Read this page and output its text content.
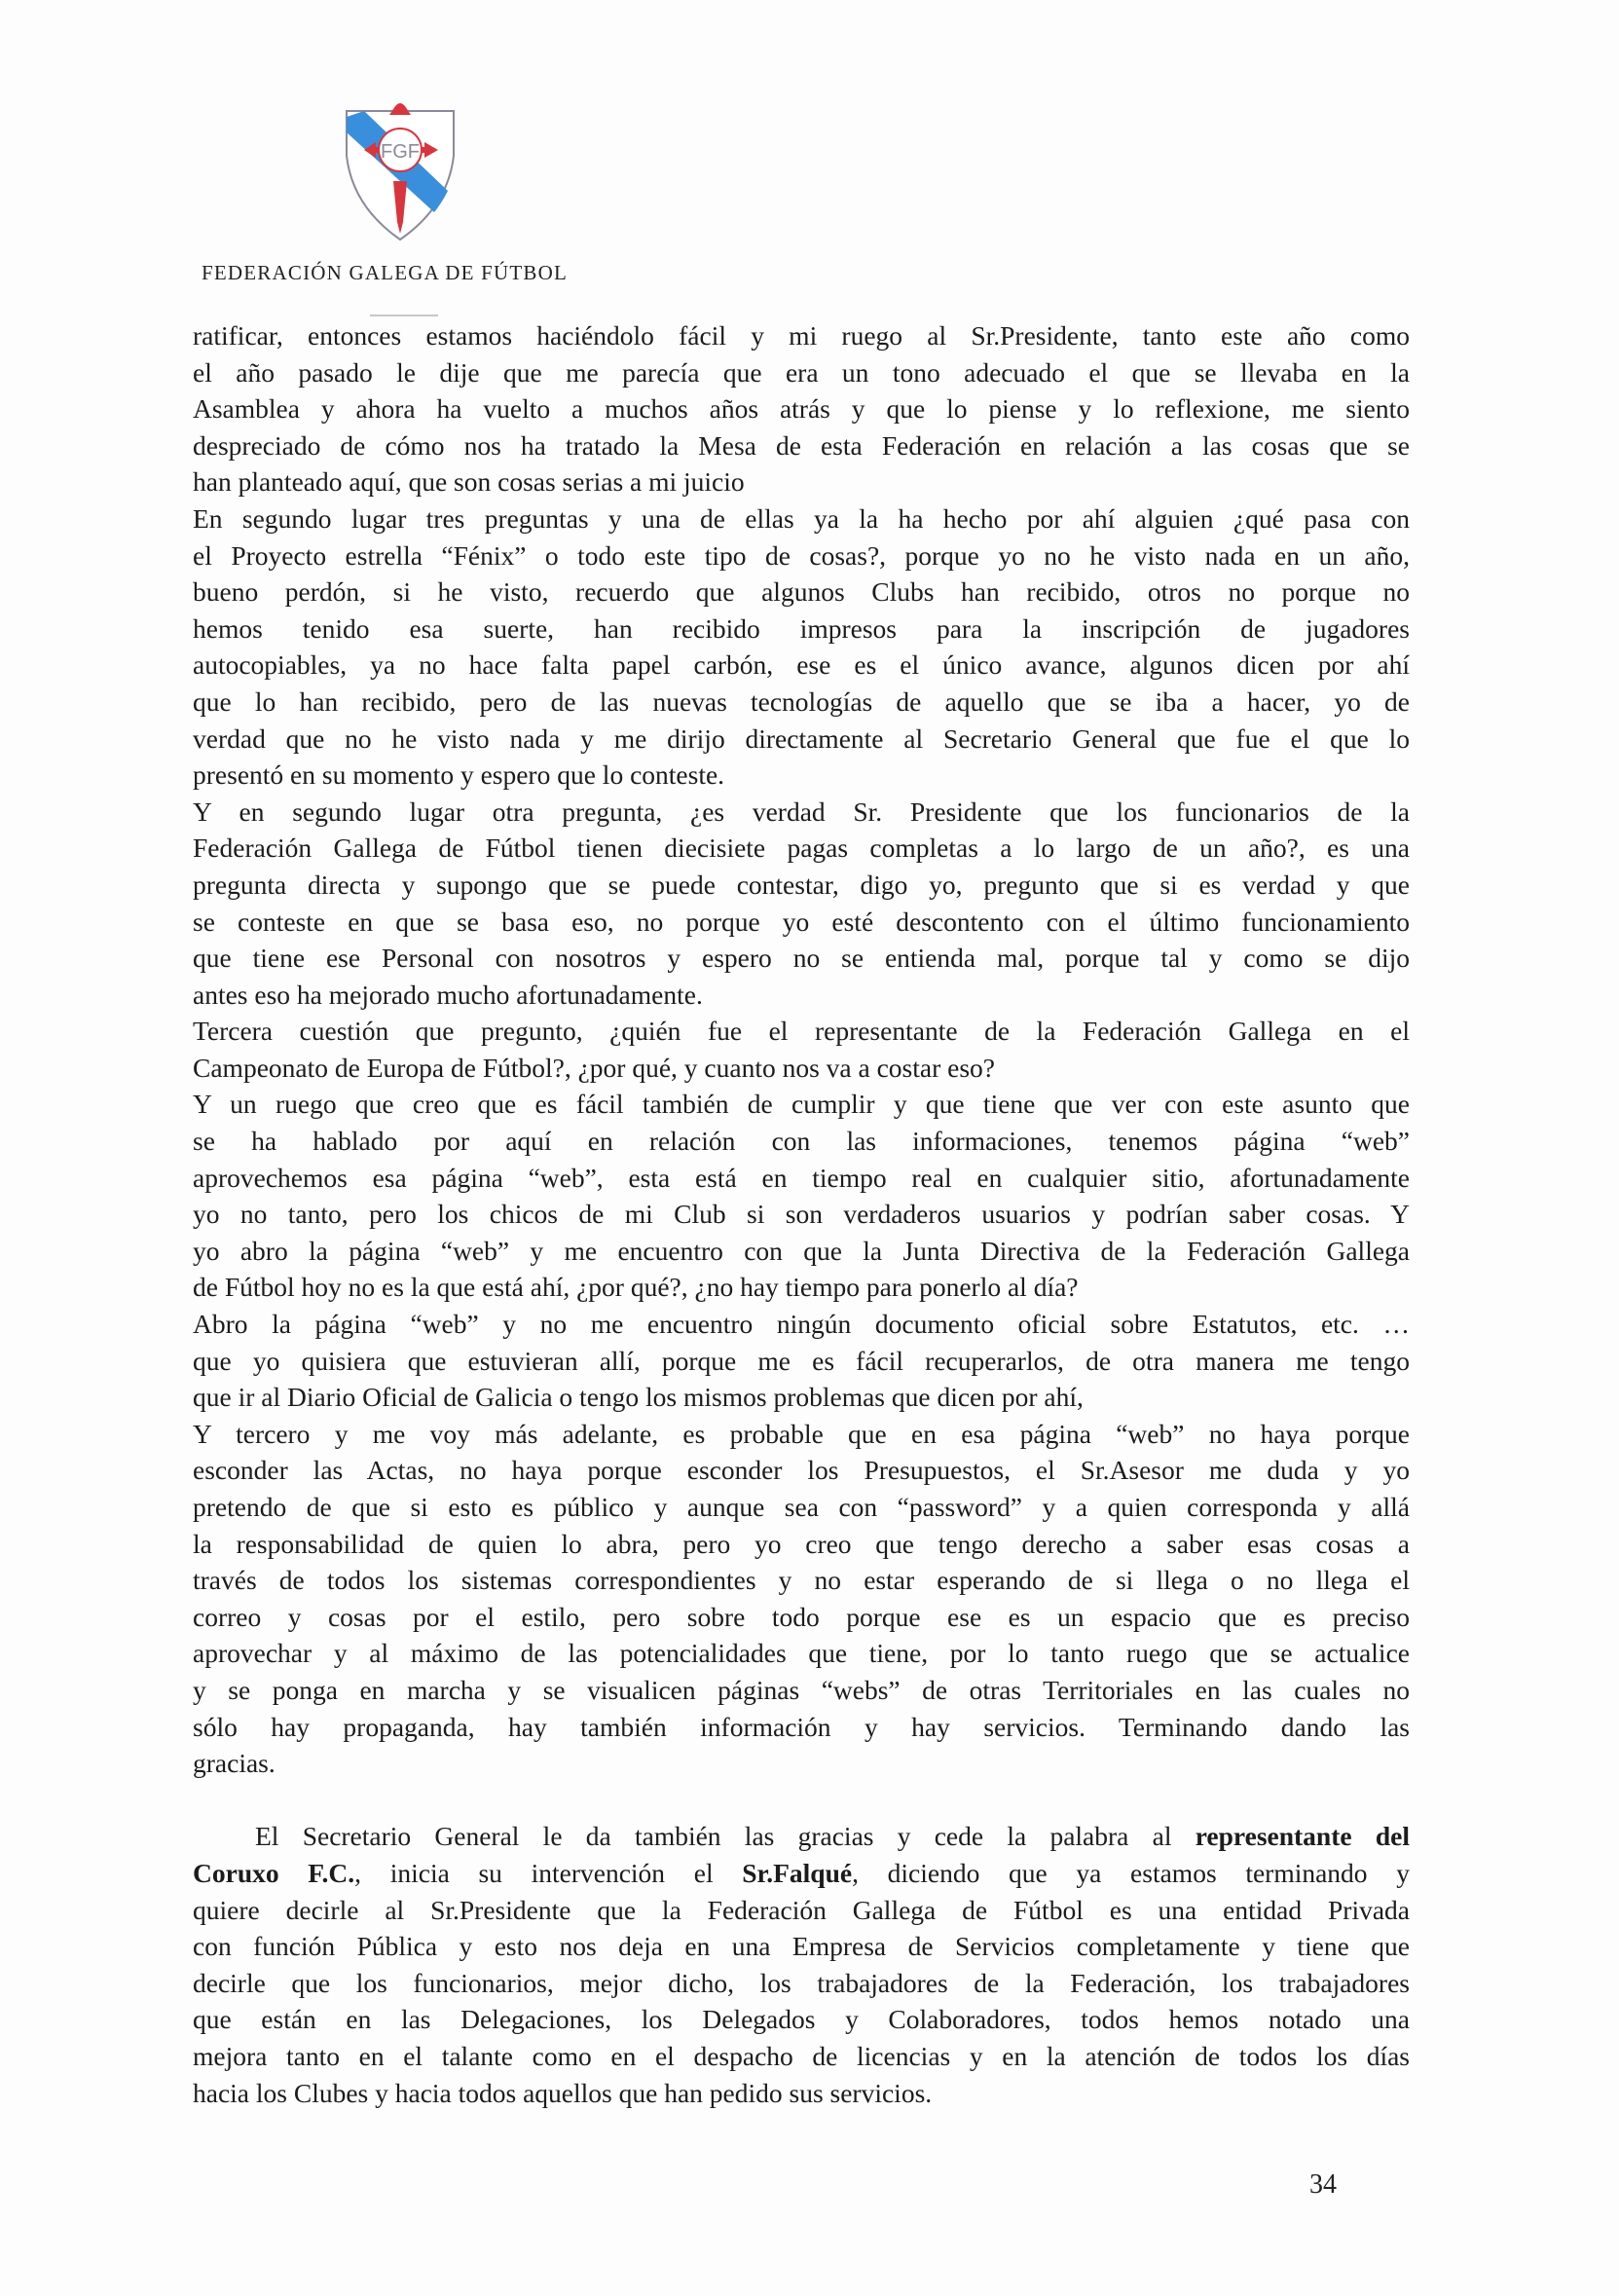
FGF
FEDERACIÓN GALEGA DE FÚTBOL
ratificar, entonces estamos haciéndolo fácil y mi ruego al Sr.Presidente, tanto este año como
el año pasado le dije que me parecía que era un tono adecuado el que se llevaba en la
Asamblea y ahora ha vuelto a muchos años atrás y que lo piense y lo reflexione, me siento
despreciado de cómo nos ha tratado la Mesa de esta Federación en relación a las cosas que se
han planteado aquí, que son cosas serias a mi juicio
En segundo lugar tres preguntas y una de ellas ya la ha hecho por ahí alguien ¿qué pasa con
el Proyecto estrella “Fénix” o todo este tipo de cosas?, porque yo no he visto nada en un año,
bueno perdón, si he visto, recuerdo que algunos Clubs han recibido, otros no porque no
hemos tenido esa suerte, han recibido impresos para la inscripción de jugadores
autocopiables, ya no hace falta papel carbón, ese es el único avance, algunos dicen por ahí
que lo han recibido, pero de las nuevas tecnologías de aquello que se iba a hacer, yo de
verdad que no he visto nada y me dirijo directamente al Secretario General que fue el que lo
presentó en su momento y espero que lo conteste.
Y en segundo lugar otra pregunta, ¿es verdad Sr. Presidente que los funcionarios de la
Federación Gallega de Fútbol tienen diecisiete pagas completas a lo largo de un año?, es una
pregunta directa y supongo que se puede contestar, digo yo, pregunto que si es verdad y que
se conteste en que se basa eso, no porque yo esté descontento con el último funcionamiento
que tiene ese Personal con nosotros y espero no se entienda mal, porque tal y como se dijo
antes eso ha mejorado mucho afortunadamente.
Tercera cuestión que pregunto, ¿quién fue el representante de la Federación Gallega en el
Campeonato de Europa de Fútbol?, ¿por qué, y cuanto nos va a costar eso?
Y un ruego que creo que es fácil también de cumplir y que tiene que ver con este asunto que
se ha hablado por aquí en relación con las informaciones, tenemos página “web”
aprovechemos esa página “web”, esta está en tiempo real en cualquier sitio, afortunadamente
yo no tanto, pero los chicos de mi Club si son verdaderos usuarios y podrían saber cosas. Y
yo abro la página “web” y me encuentro con que la Junta Directiva de la Federación Gallega
de Fútbol hoy no es la que está ahí, ¿por qué?, ¿no hay tiempo para ponerlo al día?
Abro la página “web” y no me encuentro ningún documento oficial sobre Estatutos, etc. …
que yo quisiera que estuvieran allí, porque me es fácil recuperarlos, de otra manera me tengo
que ir al Diario Oficial de Galicia o tengo los mismos problemas que dicen por ahí,
Y tercero y me voy más adelante, es probable que en esa página “web” no haya porque
esconder las Actas, no haya porque esconder los Presupuestos, el Sr.Asesor me duda y yo
pretendo de que si esto es público y aunque sea con “password” y a quien corresponda y allá
la responsabilidad de quien lo abra, pero yo creo que tengo derecho a saber esas cosas a
través de todos los sistemas correspondientes y no estar esperando de si llega o no llega el
correo y cosas por el estilo, pero sobre todo porque ese es un espacio que es preciso
aprovechar y al máximo de las potencialidades que tiene, por lo tanto ruego que se actualice
y se ponga en marcha y se visualicen páginas “webs” de otras Territoriales en las cuales no
sólo hay propaganda, hay también información y hay servicios. Terminando dando las
gracias.
El Secretario General le da también las gracias y cede la palabra al representante del
Coruxo F.C., inicia su intervención el Sr.Falqué, diciendo que ya estamos terminando y
quiere decirle al Sr.Presidente que la Federación Gallega de Fútbol es una entidad Privada
con función Pública y esto nos deja en una Empresa de Servicios completamente y tiene que
decirle que los funcionarios, mejor dicho, los trabajadores de la Federación, los trabajadores
que están en las Delegaciones, los Delegados y Colaboradores, todos hemos notado una
mejora tanto en el talante como en el despacho de licencias y en la atención de todos los días
hacia los Clubes y hacia todos aquellos que han pedido sus servicios.
34
